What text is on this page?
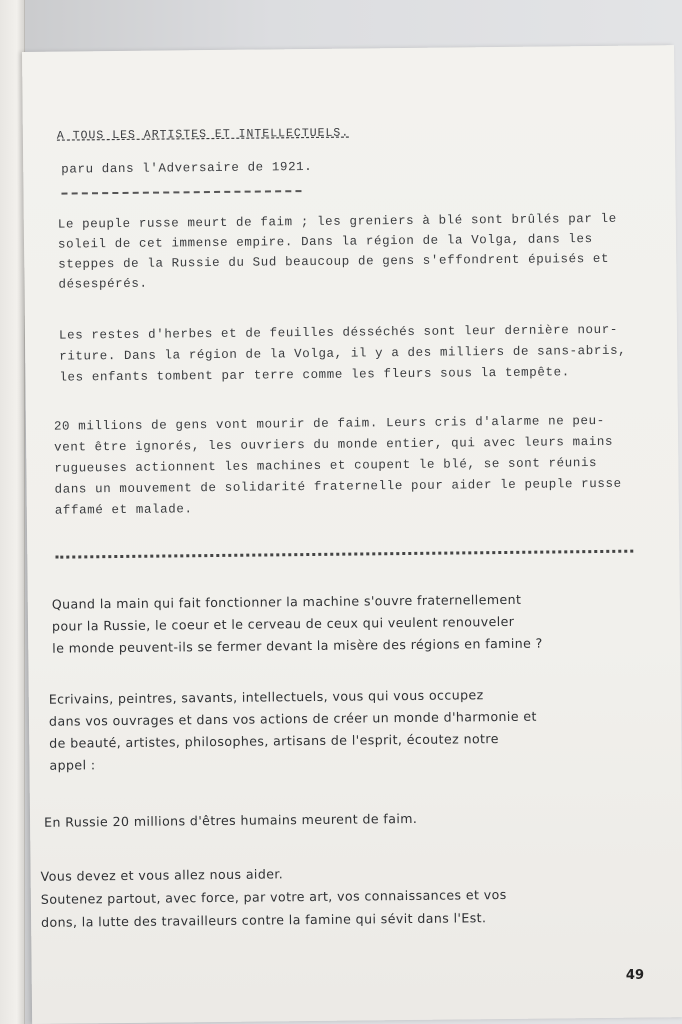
A TOUS LES ARTISTES ET INTELLECTUELS.
paru dans l'Adversaire de 1921.
Le peuple russe meurt de faim ; les greniers à blé sont brûlés par le
soleil de cet immense empire. Dans la région de la Volga, dans les
steppes de la Russie du Sud beaucoup de gens s'effondrent épuisés et
désespérés.
Les restes d'herbes et de feuilles désséchés sont leur dernière nour-
riture. Dans la région de la Volga, il y a des milliers de sans-abris,
les enfants tombent par terre comme les fleurs sous la tempête.
20 millions de gens vont mourir de faim. Leurs cris d'alarme ne peu-
vent être ignorés, les ouvriers du monde entier, qui avec leurs mains
rugueuses actionnent les machines et coupent le blé, se sont réunis
dans un mouvement de solidarité fraternelle pour aider le peuple russe
affamé et malade.
Quand la main qui fait fonctionner la machine s'ouvre fraternellement
pour la Russie, le coeur et le cerveau de ceux qui veulent renouveler
le monde peuvent-ils se fermer devant la misère des régions en famine ?
Ecrivains, peintres, savants, intellectuels, vous qui vous occupez
dans vos ouvrages et dans vos actions de créer un monde d'harmonie et
de beauté, artistes, philosophes, artisans de l'esprit, écoutez notre
appel :
En Russie 20 millions d'êtres humains meurent de faim.
Vous devez et vous allez nous aider.
Soutenez partout, avec force, par votre art, vos connaissances et vos
dons, la lutte des travailleurs contre la famine qui sévit dans l'Est.
49
